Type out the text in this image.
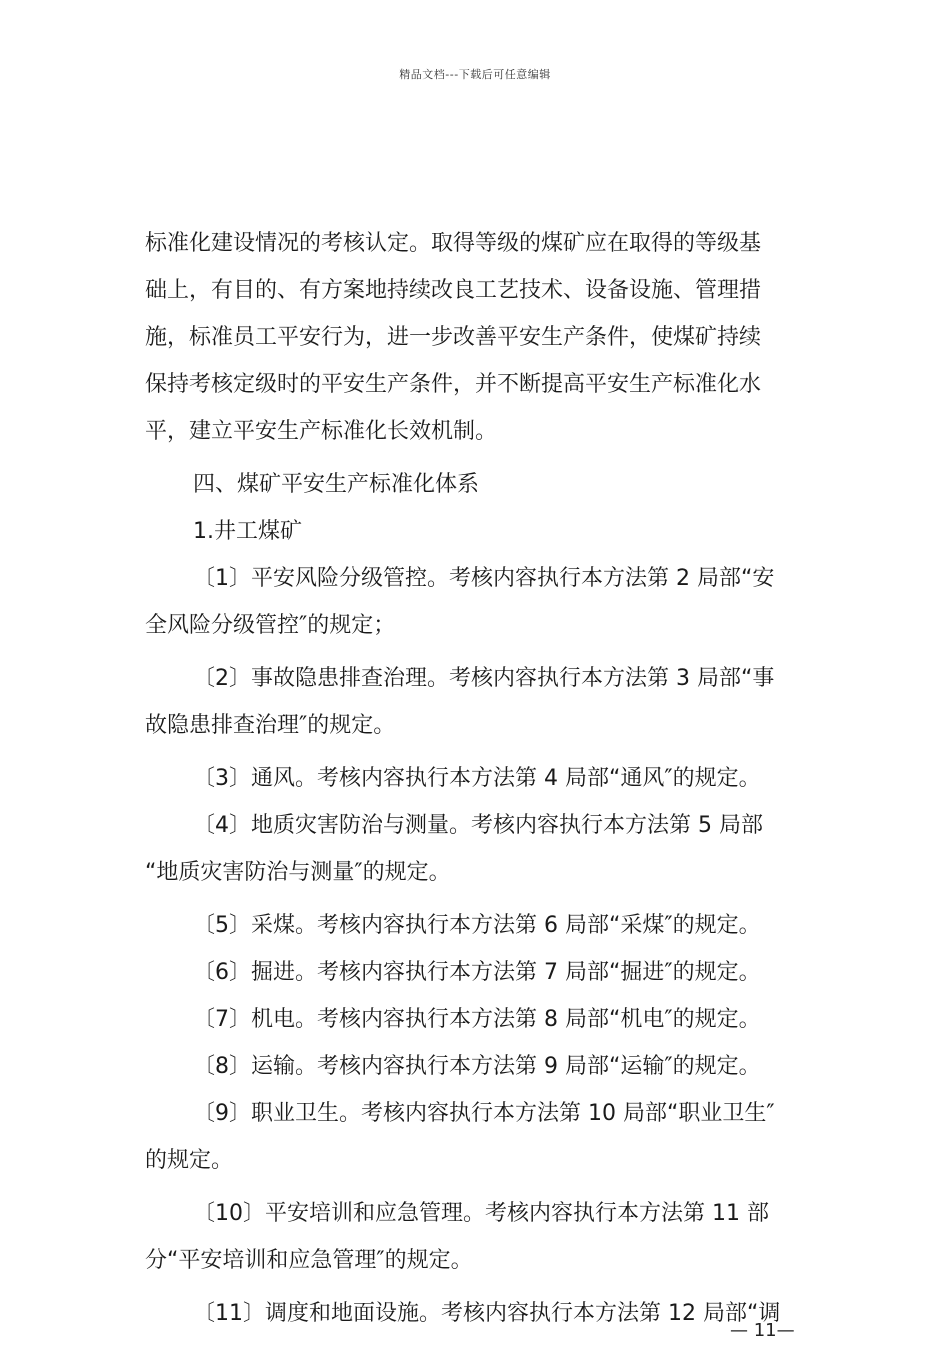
精品文档---下载后可任意编辑
标准化建设情况的考核认定。取得等级的煤矿应在取得的等级基
础上，有目的、有方案地持续改良工艺技术、设备设施、管理措
施，标准员工平安行为，进一步改善平安生产条件，使煤矿持续
保持考核定级时的平安生产条件，并不断提高平安生产标准化水
平，建立平安生产标准化长效机制。
四、煤矿平安生产标准化体系
1.井工煤矿
〔1〕平安风险分级管控。考核内容执行本方法第 2 局部“安
全风险分级管控″的规定；
〔2〕事故隐患排查治理。考核内容执行本方法第 3 局部“事
故隐患排查治理″的规定。
〔3〕通风。考核内容执行本方法第 4 局部“通风″的规定。
〔4〕地质灾害防治与测量。考核内容执行本方法第 5 局部
“地质灾害防治与测量″的规定。
〔5〕采煤。考核内容执行本方法第 6 局部“采煤″的规定。
〔6〕掘进。考核内容执行本方法第 7 局部“掘进″的规定。
〔7〕机电。考核内容执行本方法第 8 局部“机电″的规定。
〔8〕运输。考核内容执行本方法第 9 局部“运输″的规定。
〔9〕职业卫生。考核内容执行本方法第 10 局部“职业卫生″
的规定。
〔10〕平安培训和应急管理。考核内容执行本方法第 11 部
分“平安培训和应急管理″的规定。
〔11〕调度和地面设施。考核内容执行本方法第 12 局部“调
— 11—
